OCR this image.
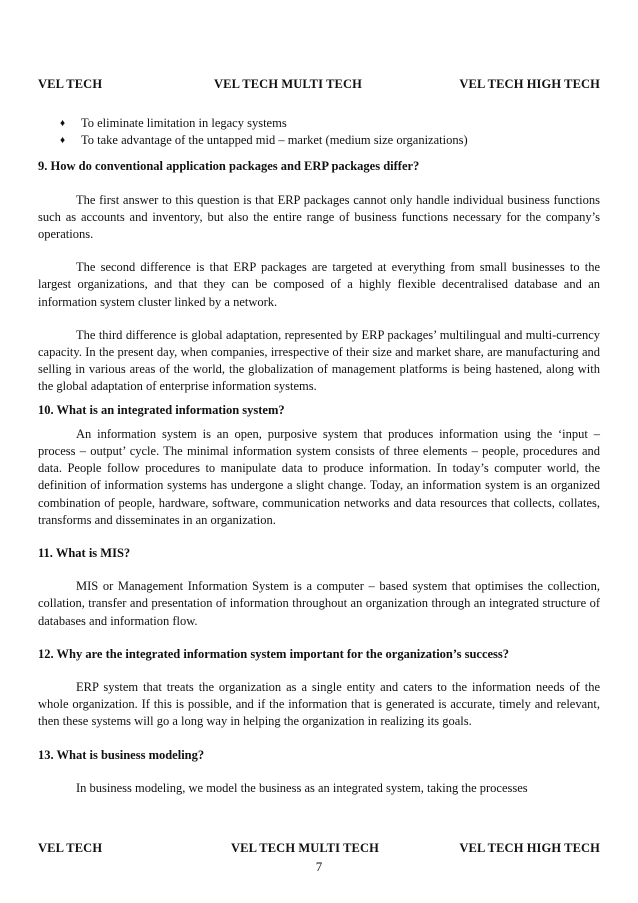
VEL TECH	VEL TECH MULTI TECH	VEL TECH HIGH TECH
♦ To eliminate limitation in legacy systems
♦ To take advantage of the untapped mid – market (medium size organizations)

9. How do conventional application packages and ERP packages differ?

The first answer to this question is that ERP packages cannot only handle individual business functions such as accounts and inventory, but also the entire range of business functions necessary for the company’s operations.

The second difference is that ERP packages are targeted at everything from small businesses to the largest organizations, and that they can be composed of a highly flexible decentralised database and an information system cluster linked by a network.

The third difference is global adaptation, represented by ERP packages’ multilingual and multi-currency capacity. In the present day, when companies, irrespective of their size and market share, are manufacturing and selling in various areas of the world, the globalization of management platforms is being hastened, along with the global adaptation of enterprise information systems.

10. What is an integrated information system?

An information system is an open, purposive system that produces information using the ‘input – process – output’ cycle. The minimal information system consists of three elements – people, procedures and data. People follow procedures to manipulate data to produce information. In today’s computer world, the definition of information systems has undergone a slight change. Today, an information system is an organized combination of people, hardware, software, communication networks and data resources that collects, collates, transforms and disseminates in an organization.

11. What is MIS?

MIS or Management Information System is a computer – based system that optimises the collection, collation, transfer and presentation of information throughout an organization through an integrated structure of databases and information flow.

12. Why are the integrated information system important for the organization’s success?

ERP system that treats the organization as a single entity and caters to the information needs of the whole organization. If this is possible, and if the information that is generated is accurate, timely and relevant, then these systems will go a long way in helping the organization in realizing its goals.

13. What is business modeling?

In business modeling, we model the business as an integrated system, taking the processes

VEL TECH	VEL TECH MULTI TECH	VEL TECH HIGH TECH
7
